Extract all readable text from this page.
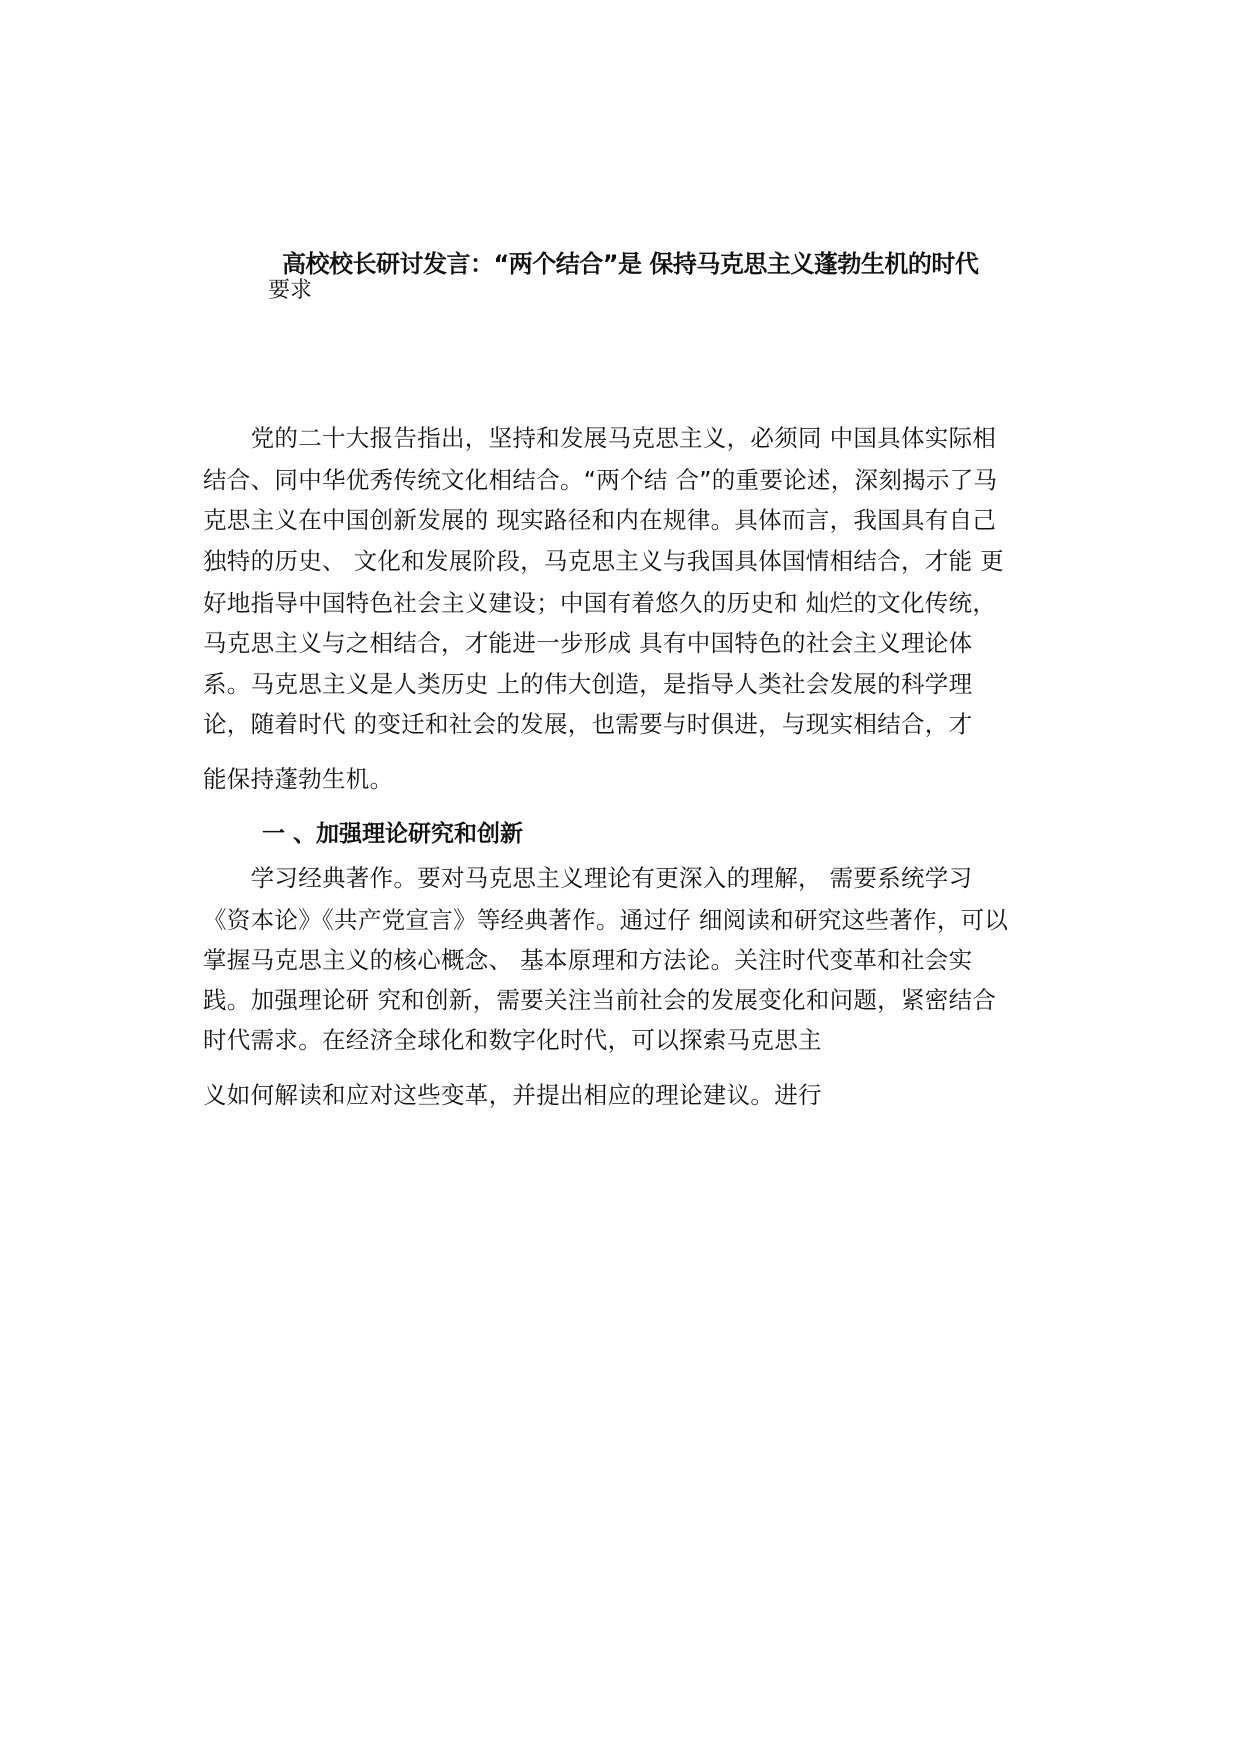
高校校长研讨发言：“两个结合”是 保持马克思主义蓬勃生机的时代
要求
　　党的二十大报告指出，坚持和发展马克思主义，必须同 中国具体实际相
结合、同中华优秀传统文化相结合。“两个结 合”的重要论述，深刻揭示了马
克思主义在中国创新发展的 现实路径和内在规律。具体而言，我国具有自己
独特的历史、 文化和发展阶段，马克思主义与我国具体国情相结合，才能 更
好地指导中国特色社会主义建设；中国有着悠久的历史和 灿烂的文化传统，
马克思主义与之相结合，才能进一步形成 具有中国特色的社会主义理论体
系。马克思主义是人类历史 上的伟大创造，是指导人类社会发展的科学理
论，随着时代 的变迁和社会的发展，也需要与时俱进，与现实相结合，才
能保持蓬勃生机。
一 、加强理论研究和创新
　　学习经典著作。要对马克思主义理论有更深入的理解， 需要系统学习
《资本论》《共产党宣言》等经典著作。通过仔 细阅读和研究这些著作，可以
掌握马克思主义的核心概念、 基本原理和方法论。关注时代变革和社会实
践。加强理论研 究和创新，需要关注当前社会的发展变化和问题，紧密结合
时代需求。在经济全球化和数字化时代，可以探索马克思主
义如何解读和应对这些变革，并提出相应的理论建议。进行
